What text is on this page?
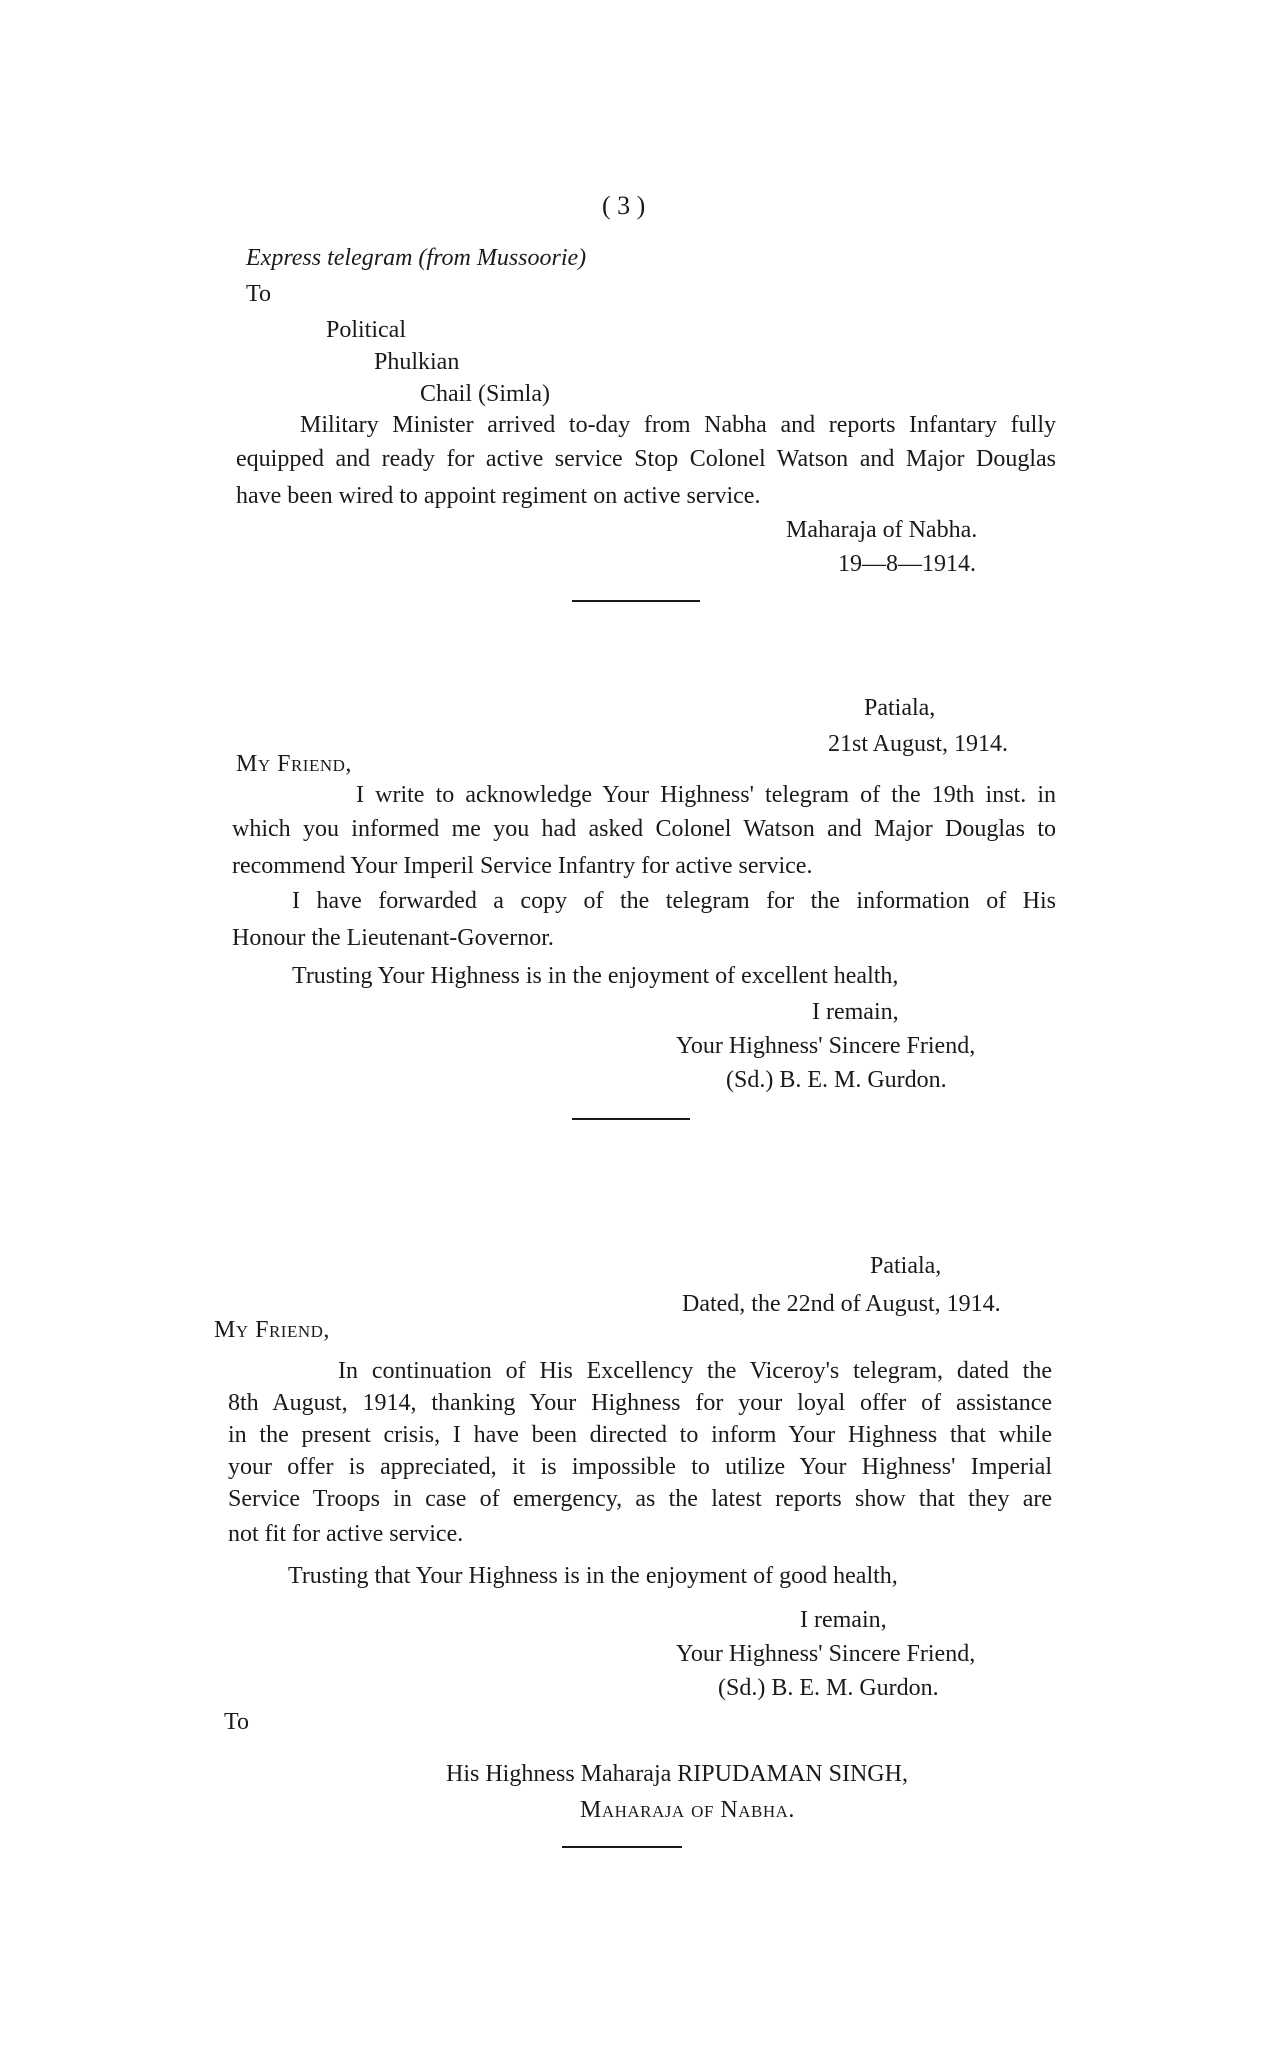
( 3 )
Express telegram (from Mussoorie)
To
Political
Phulkian
Chail (Simla)
Military Minister arrived to-day from Nabha and reports Infantary fully
equipped and ready for active service Stop Colonel Watson and Major Douglas
have been wired to appoint regiment on active service.
Maharaja of Nabha.
19—8—1914.
Patiala,
21st August, 1914.
My Friend,
I write to acknowledge Your Highness' telegram of the 19th inst. in
which you informed me you had asked Colonel Watson and Major Douglas to
recommend Your Imperil Service Infantry for active service.
I have forwarded a copy of the telegram for the information of His
Honour the Lieutenant-Governor.
Trusting Your Highness is in the enjoyment of excellent health,
I remain,
Your Highness' Sincere Friend,
(Sd.) B. E. M. Gurdon.
Patiala,
Dated, the 22nd of August, 1914.
My Friend,
In continuation of His Excellency the Viceroy's telegram, dated the
8th August, 1914, thanking Your Highness for your loyal offer of assistance
in the present crisis, I have been directed to inform Your Highness that while
your offer is appreciated, it is impossible to utilize Your Highness' Imperial
Service Troops in case of emergency, as the latest reports show that they are
not fit for active service.
Trusting that Your Highness is in the enjoyment of good health,
I remain,
Your Highness' Sincere Friend,
(Sd.) B. E. M. Gurdon.
To
His Highness Maharaja RIPUDAMAN SINGH,
Maharaja of Nabha.
